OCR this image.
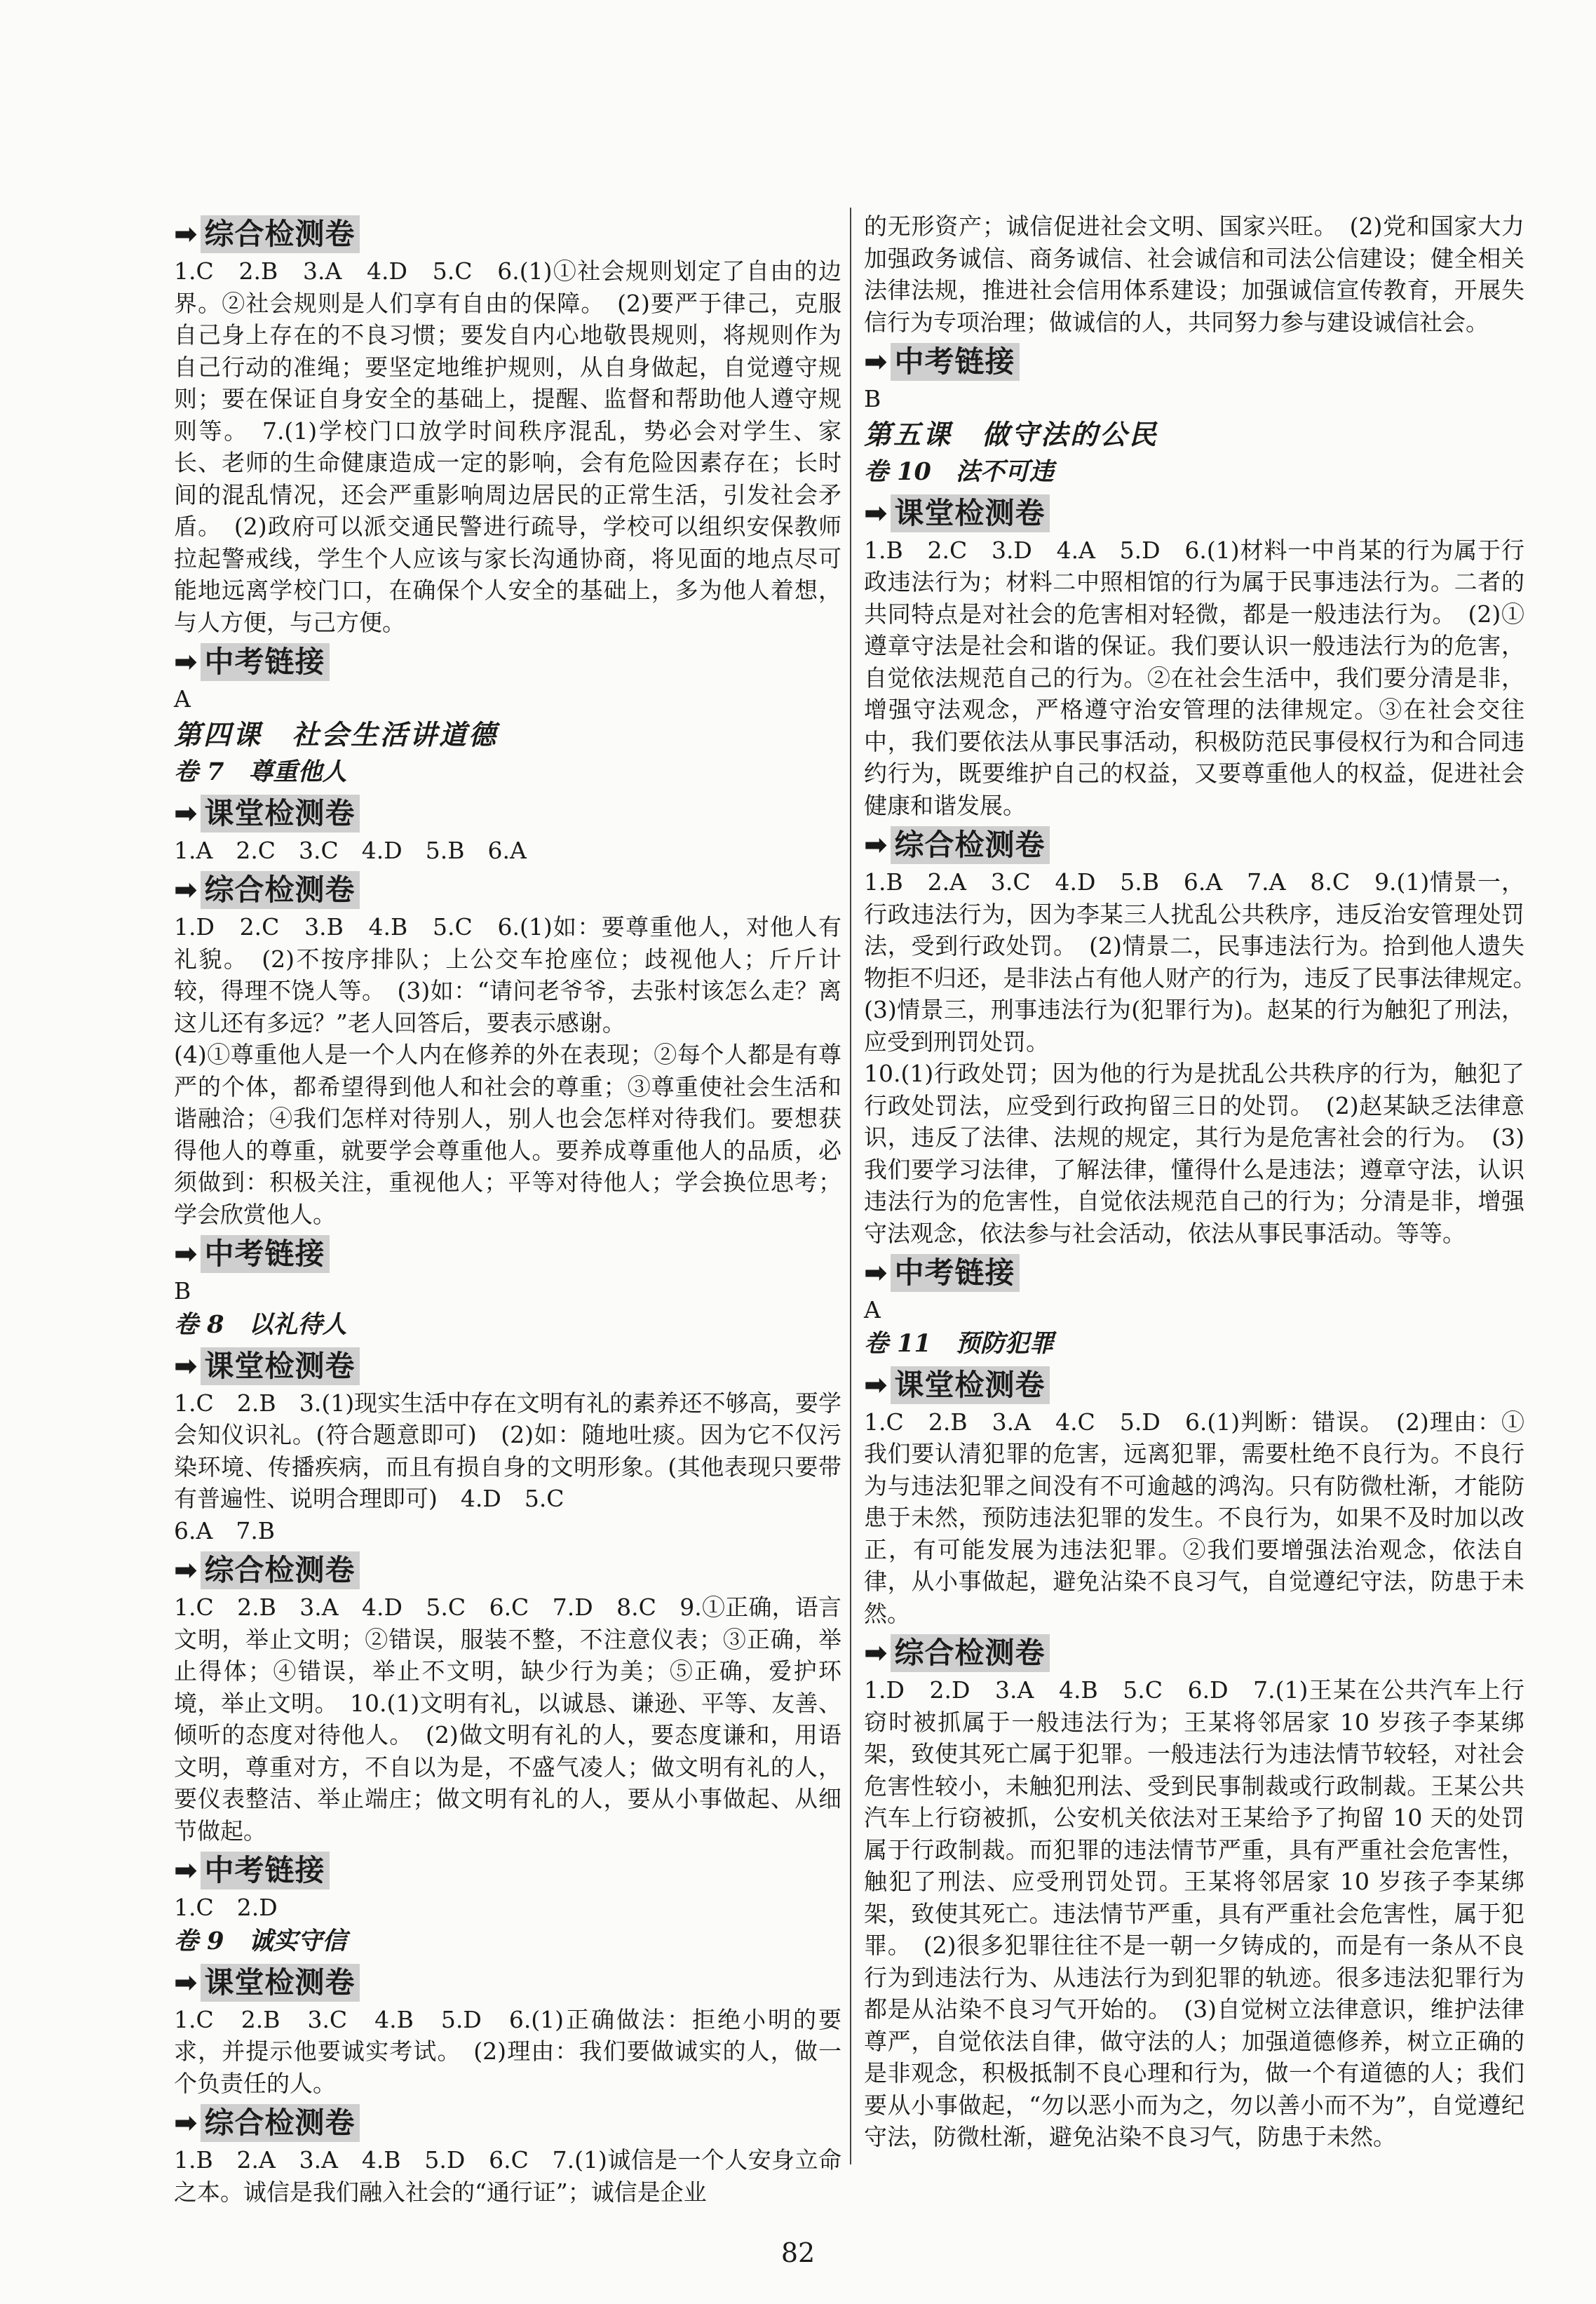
➡ 综合检测卷

1.C　2.B　3.A　4.D　5.C　6.(1)①社会规则划定了自由的边界。②社会规则是人们享有自由的保障。　(2)要严于律己，克服自己身上存在的不良习惯；要发自内心地敬畏规则，将规则作为自己行动的准绳；要坚定地维护规则，从自身做起，自觉遵守规则；要在保证自身安全的基础上，提醒、监督和帮助他人遵守规则等。　7.(1)学校门口放学时间秩序混乱，势必会对学生、家长、老师的生命健康造成一定的影响，会有危险因素存在；长时间的混乱情况，还会严重影响周边居民的正常生活，引发社会矛盾。　(2)政府可以派交通民警进行疏导，学校可以组织安保教师拉起警戒线，学生个人应该与家长沟通协商，将见面的地点尽可能地远离学校门口，在确保个人安全的基础上，多为他人着想，与人方便，与己方便。

➡ 中考链接

A

第四课　社会生活讲道德
卷 7　尊重他人
➡ 课堂检测卷

1.A　2.C　3.C　4.D　5.B　6.A

➡ 综合检测卷

1.D　2.C　3.B　4.B　5.C　6.(1)如：要尊重他人，对他人有礼貌。　(2)不按序排队；上公交车抢座位；歧视他人；斤斤计较，得理不饶人等。　(3)如：“请问老爷爷，去张村该怎么走？离这儿还有多远？”老人回答后，要表示感谢。
(4)①尊重他人是一个人内在修养的外在表现；②每个人都是有尊严的个体，都希望得到他人和社会的尊重；③尊重使社会生活和谐融洽；④我们怎样对待别人，别人也会怎样对待我们。要想获得他人的尊重，就要学会尊重他人。要养成尊重他人的品质，必须做到：积极关注，重视他人；平等对待他人；学会换位思考；学会欣赏他人。

➡ 中考链接

B

卷 8　以礼待人
➡ 课堂检测卷

1.C　2.B　3.(1)现实生活中存在文明有礼的素养还不够高，要学会知仪识礼。(符合题意即可)　(2)如：随地吐痰。因为它不仅污染环境、传播疾病，而且有损自身的文明形象。(其他表现只要带有普遍性、说明合理即可)　4.D　5.C
6.A　7.B

➡ 综合检测卷

1.C　2.B　3.A　4.D　5.C　6.C　7.D　8.C　9.①正确，语言文明，举止文明；②错误，服装不整，不注意仪表；③正确，举止得体；④错误，举止不文明，缺少行为美；⑤正确，爱护环境，举止文明。　10.(1)文明有礼，以诚恳、谦逊、平等、友善、倾听的态度对待他人。　(2)做文明有礼的人，要态度谦和，用语文明，尊重对方，不自以为是，不盛气凌人；做文明有礼的人，要仪表整洁、举止端庄；做文明有礼的人，要从小事做起、从细节做起。

➡ 中考链接

1.C　2.D

卷 9　诚实守信
➡ 课堂检测卷

1.C　2.B　3.C　4.B　5.D　6.(1)正确做法：拒绝小明的要求，并提示他要诚实考试。　(2)理由：我们要做诚实的人，做一个负责任的人。

➡ 综合检测卷

1.B　2.A　3.A　4.B　5.D　6.C　7.(1)诚信是一个人安身立命之本。诚信是我们融入社会的“通行证”；诚信是企业

的无形资产；诚信促进社会文明、国家兴旺。　(2)党和国家大力加强政务诚信、商务诚信、社会诚信和司法公信建设；健全相关法律法规，推进社会信用体系建设；加强诚信宣传教育，开展失信行为专项治理；做诚信的人，共同努力参与建设诚信社会。

➡ 中考链接

B

第五课　做守法的公民
卷 10　法不可违
➡ 课堂检测卷

1.B　2.C　3.D　4.A　5.D　6.(1)材料一中肖某的行为属于行政违法行为；材料二中照相馆的行为属于民事违法行为。二者的共同特点是对社会的危害相对轻微，都是一般违法行为。　(2)①遵章守法是社会和谐的保证。我们要认识一般违法行为的危害，自觉依法规范自己的行为。②在社会生活中，我们要分清是非，增强守法观念，严格遵守治安管理的法律规定。③在社会交往中，我们要依法从事民事活动，积极防范民事侵权行为和合同违约行为，既要维护自己的权益，又要尊重他人的权益，促进社会健康和谐发展。

➡ 综合检测卷

1.B　2.A　3.C　4.D　5.B　6.A　7.A　8.C　9.(1)情景一，行政违法行为，因为李某三人扰乱公共秩序，违反治安管理处罚法，受到行政处罚。　(2)情景二，民事违法行为。拾到他人遗失物拒不归还，是非法占有他人财产的行为，违反了民事法律规定。　(3)情景三，刑事违法行为(犯罪行为)。赵某的行为触犯了刑法，应受到刑罚处罚。
10.(1)行政处罚；因为他的行为是扰乱公共秩序的行为，触犯了行政处罚法，应受到行政拘留三日的处罚。　(2)赵某缺乏法律意识，违反了法律、法规的规定，其行为是危害社会的行为。　(3)我们要学习法律，了解法律，懂得什么是违法；遵章守法，认识违法行为的危害性，自觉依法规范自己的行为；分清是非，增强守法观念，依法参与社会活动，依法从事民事活动。等等。

➡ 中考链接

A

卷 11　预防犯罪
➡ 课堂检测卷

1.C　2.B　3.A　4.C　5.D　6.(1)判断：错误。　(2)理由：①我们要认清犯罪的危害，远离犯罪，需要杜绝不良行为。不良行为与违法犯罪之间没有不可逾越的鸿沟。只有防微杜渐，才能防患于未然，预防违法犯罪的发生。不良行为，如果不及时加以改正，有可能发展为违法犯罪。②我们要增强法治观念，依法自律，从小事做起，避免沾染不良习气，自觉遵纪守法，防患于未然。

➡ 综合检测卷

1.D　2.D　3.A　4.B　5.C　6.D　7.(1)王某在公共汽车上行窃时被抓属于一般违法行为；王某将邻居家 10 岁孩子李某绑架，致使其死亡属于犯罪。一般违法行为违法情节较轻，对社会危害性较小，未触犯刑法、受到民事制裁或行政制裁。王某公共汽车上行窃被抓，公安机关依法对王某给予了拘留 10 天的处罚属于行政制裁。而犯罪的违法情节严重，具有严重社会危害性，触犯了刑法、应受刑罚处罚。王某将邻居家 10 岁孩子李某绑架，致使其死亡。违法情节严重，具有严重社会危害性，属于犯罪。　(2)很多犯罪往往不是一朝一夕铸成的，而是有一条从不良行为到违法行为、从违法行为到犯罪的轨迹。很多违法犯罪行为都是从沾染不良习气开始的。　(3)自觉树立法律意识，维护法律尊严，自觉依法自律，做守法的人；加强道德修养，树立正确的是非观念，积极抵制不良心理和行为，做一个有道德的人；我们要从小事做起，“勿以恶小而为之，勿以善小而不为”，自觉遵纪守法，防微杜渐，避免沾染不良习气，防患于未然。

82
